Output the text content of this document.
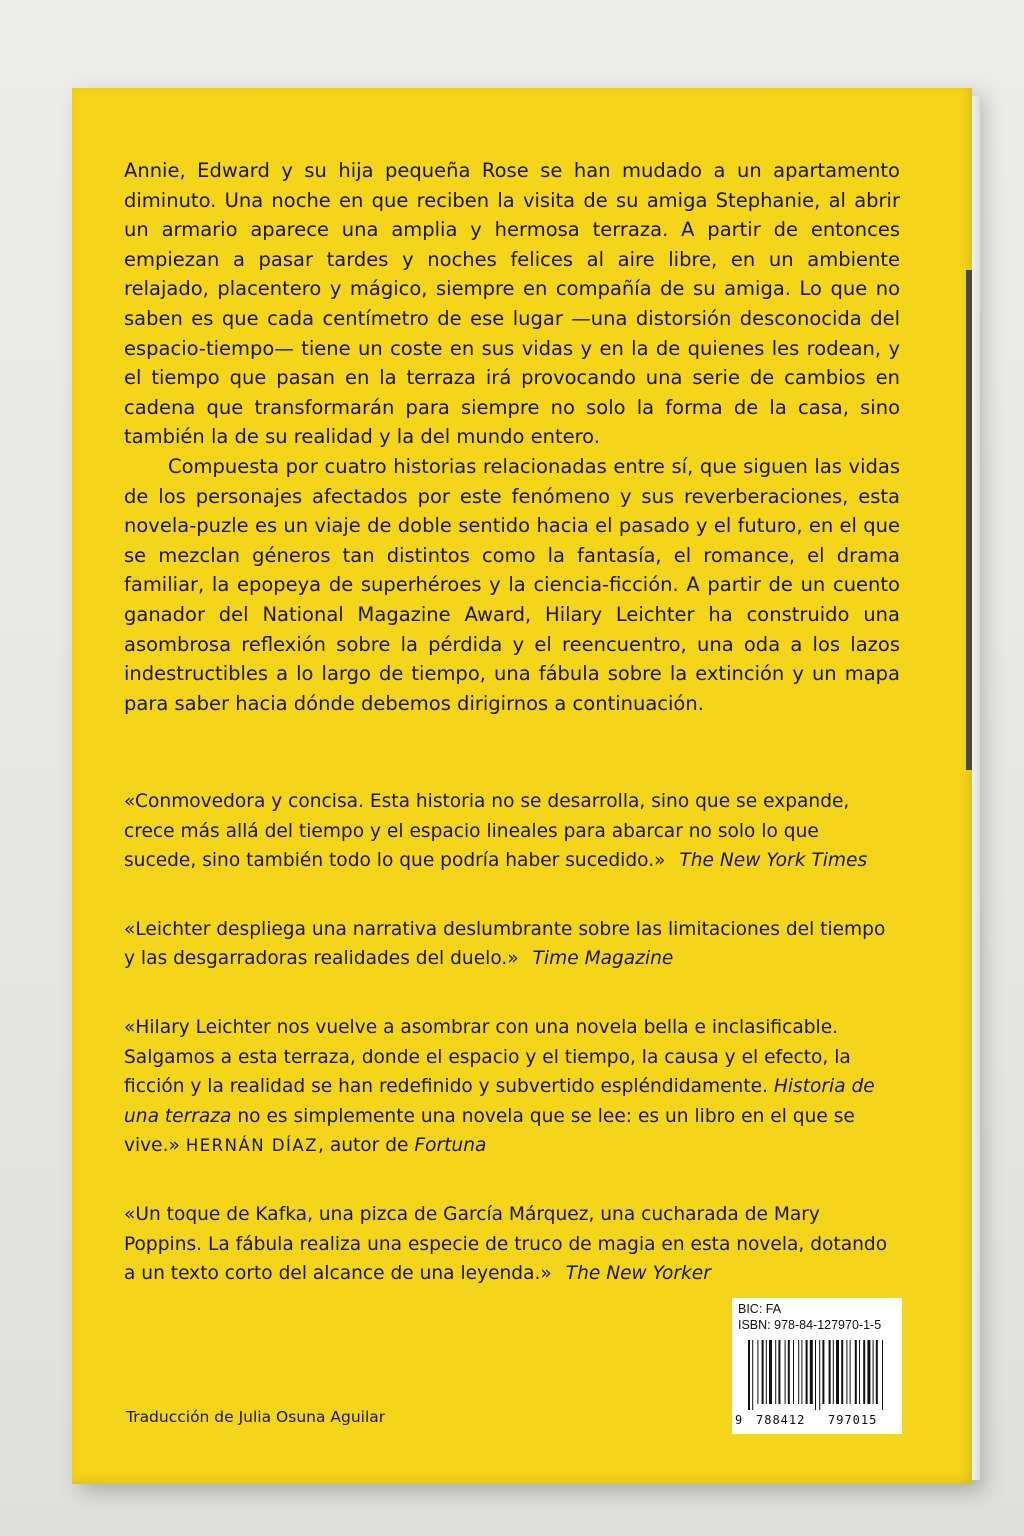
Annie, Edward y su hija pequeña Rose se han mudado a un apartamento diminuto. Una noche en que reciben la visita de su amiga Stephanie, al abrir un armario aparece una amplia y hermosa terraza. A partir de entonces empiezan a pasar tardes y noches felices al aire libre, en un ambiente relajado, placentero y mágico, siempre en compañía de su amiga. Lo que no saben es que cada centímetro de ese lugar —una distorsión desconocida del espacio-tiempo— tiene un coste en sus vidas y en la de quienes les rodean, y el tiempo que pasan en la terraza irá provocando una serie de cambios en cadena que transformarán para siempre no solo la forma de la casa, sino también la de su realidad y la del mundo entero.

Compuesta por cuatro historias relacionadas entre sí, que siguen las vidas de los personajes afectados por este fenómeno y sus reverberaciones, esta novela-puzle es un viaje de doble sentido hacia el pasado y el futuro, en el que se mezclan géneros tan distintos como la fantasía, el romance, el drama familiar, la epopeya de superhéroes y la ciencia-ficción. A partir de un cuento ganador del National Magazine Award, Hilary Leichter ha construido una asombrosa reflexión sobre la pérdida y el reencuentro, una oda a los lazos indestructibles a lo largo de tiempo, una fábula sobre la extinción y un mapa para saber hacia dónde debemos dirigirnos a continuación.

«Conmovedora y concisa. Esta historia no se desarrolla, sino que se expande, crece más allá del tiempo y el espacio lineales para abarcar no solo lo que sucede, sino también todo lo que podría haber sucedido.» The New York Times

«Leichter despliega una narrativa deslumbrante sobre las limitaciones del tiempo y las desgarradoras realidades del duelo.» Time Magazine

«Hilary Leichter nos vuelve a asombrar con una novela bella e inclasificable. Salgamos a esta terraza, donde el espacio y el tiempo, la causa y el efecto, la ficción y la realidad se han redefinido y subvertido espléndidamente. Historia de una terraza no es simplemente una novela que se lee: es un libro en el que se vive.» HERNÁN DÍAZ, autor de Fortuna

«Un toque de Kafka, una pizca de García Márquez, una cucharada de Mary Poppins. La fábula realiza una especie de truco de magia en esta novela, dotando a un texto corto del alcance de una leyenda.» The New Yorker

Traducción de Julia Osuna Aguilar
BIC: FA
ISBN: 978-84-127970-1-5
9 788412 797015
